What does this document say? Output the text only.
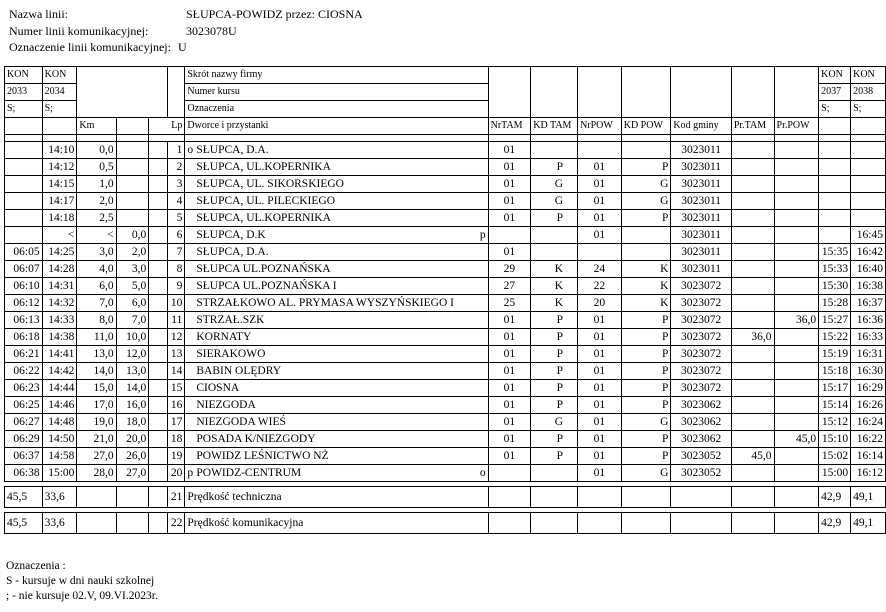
Nazwa linii:	SŁUPCA-POWIDZ przez: CIOSNA
Numer linii komunikacyjnej:	3023078U
Oznaczenie linii komunikacyjnej: U
KON	KON					Skrót nazwy firmy								KON	KON
2033	2034					Numer kursu								2037	2038
S;	S;					Oznaczenia								S;	S;
		Km		Lp		Dworce i przystanki	NrTAM	KD TAM	NrPOW	KD POW	Kod gminy	Pr.TAM	Pr.POW		

	14:10	0,0			1	o SŁUPCA, D.A.	01				3023011				
	14:12	0,5			2	SŁUPCA, UL.KOPERNIKA	01	P	01	P	3023011				
	14:15	1,0			3	SŁUPCA, UL. SIKORSKIEGO	01	G	01	G	3023011				
	14:17	2,0			4	SŁUPCA, UL. PILECKIEGO	01	G	01	G	3023011				
	14:18	2,5			5	SŁUPCA, UL.KOPERNIKA	01	P	01	P	3023011				
	<	<	0,0		6	SŁUPCA, D.K p			01		3023011				16:45
06:05	14:25	3,0	2,0		7	SŁUPCA, D.A.	01				3023011			15:35	16:42
06:07	14:28	4,0	3,0		8	SŁUPCA UL.POZNAŃSKA	29	K	24	K	3023011			15:33	16:40
06:10	14:31	6,0	5,0		9	SŁUPCA UL.POZNAŃSKA I	27	K	22	K	3023072			15:30	16:38
06:12	14:32	7,0	6,0		10	STRZAŁKOWO AL. PRYMASA WYSZYŃSKIEGO I	25	K	20	K	3023072			15:28	16:37
06:13	14:33	8,0	7,0		11	STRZAŁ.SZK	01	P	01	P	3023072		36,0	15:27	16:36
06:18	14:38	11,0	10,0		12	KORNATY	01	P	01	P	3023072	36,0		15:22	16:33
06:21	14:41	13,0	12,0		13	SIERAKOWO	01	P	01	P	3023072			15:19	16:31
06:22	14:42	14,0	13,0		14	BABIN OLĘDRY	01	P	01	P	3023072			15:18	16:30
06:23	14:44	15,0	14,0		15	CIOSNA	01	P	01	P	3023072			15:17	16:29
06:25	14:46	17,0	16,0		16	NIEZGODA	01	P	01	P	3023062			15:14	16:26
06:27	14:48	19,0	18,0		17	NIEZGODA WIEŚ	01	G	01	G	3023062			15:12	16:24
06:29	14:50	21,0	20,0		18	POSADA K/NIEZGODY	01	P	01	P	3023062		45,0	15:10	16:22
06:37	14:58	27,0	26,0		19	POWIDZ LEŚNICTWO NŻ	01	P	01	P	3023052	45,0		15:02	16:14
06:38	15:00	28,0	27,0		20	p POWIDZ-CENTRUM o			01	G	3023052			15:00	16:12

45,5	33,6				21	Prędkość techniczna								42,9	49,1

45,5	33,6				22	Prędkość komunikacyjna								42,9	49,1
Oznaczenia :
S - kursuje w dni nauki szkolnej
; - nie kursuje 02.V, 09.VI.2023r.
